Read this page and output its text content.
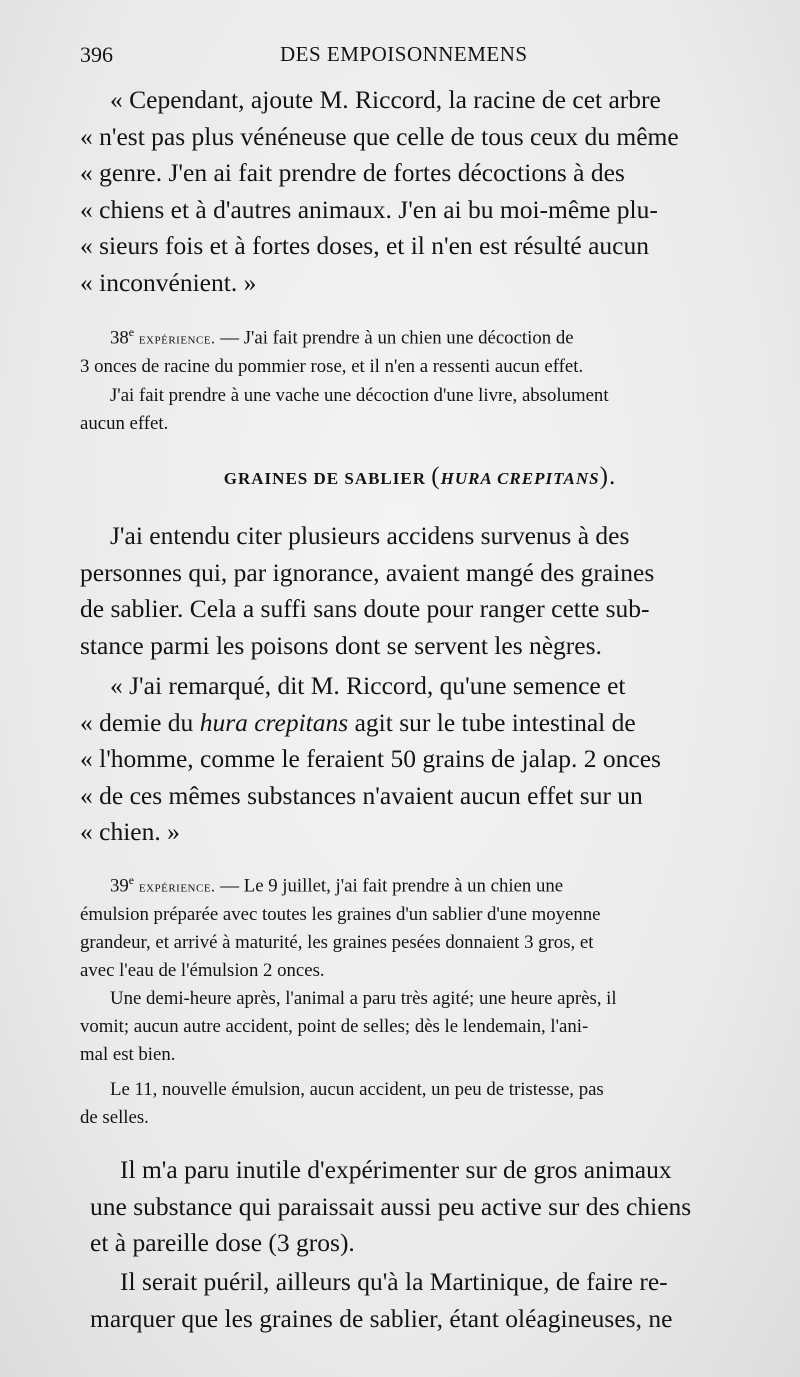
396	DES EMPOISONNEMENS
« Cependant, ajoute M. Riccord, la racine de cet arbre
« n'est pas plus vénéneuse que celle de tous ceux du même
« genre. J'en ai fait prendre de fortes décoctions à des
« chiens et à d'autres animaux. J'en ai bu moi-même plu-
« sieurs fois et à fortes doses, et il n'en est résulté aucun
« inconvénient. »
38e expérience. — J'ai fait prendre à un chien une décoction de
3 onces de racine du pommier rose, et il n'en a ressenti aucun effet.
J'ai fait prendre à une vache une décoction d'une livre, absolument
aucun effet.
GRAINES DE SABLIER (HURA CREPITANS).
J'ai entendu citer plusieurs accidens survenus à des
personnes qui, par ignorance, avaient mangé des graines
de sablier. Cela a suffi sans doute pour ranger cette sub-
stance parmi les poisons dont se servent les nègres.
« J'ai remarqué, dit M. Riccord, qu'une semence et
« demie du hura crepitans agit sur le tube intestinal de
« l'homme, comme le feraient 50 grains de jalap. 2 onces
« de ces mêmes substances n'avaient aucun effet sur un
« chien. »
39e expérience. — Le 9 juillet, j'ai fait prendre à un chien une
émulsion préparée avec toutes les graines d'un sablier d'une moyenne
grandeur, et arrivé à maturité, les graines pesées donnaient 3 gros, et
avec l'eau de l'émulsion 2 onces.
Une demi-heure après, l'animal a paru très agité; une heure après, il
vomit; aucun autre accident, point de selles; dès le lendemain, l'ani-
mal est bien.
Le 11, nouvelle émulsion, aucun accident, un peu de tristesse, pas
de selles.
Il m'a paru inutile d'expérimenter sur de gros animaux
une substance qui paraissait aussi peu active sur des chiens
et à pareille dose (3 gros).
Il serait puéril, ailleurs qu'à la Martinique, de faire re-
marquer que les graines de sablier, étant oléagineuses, ne
